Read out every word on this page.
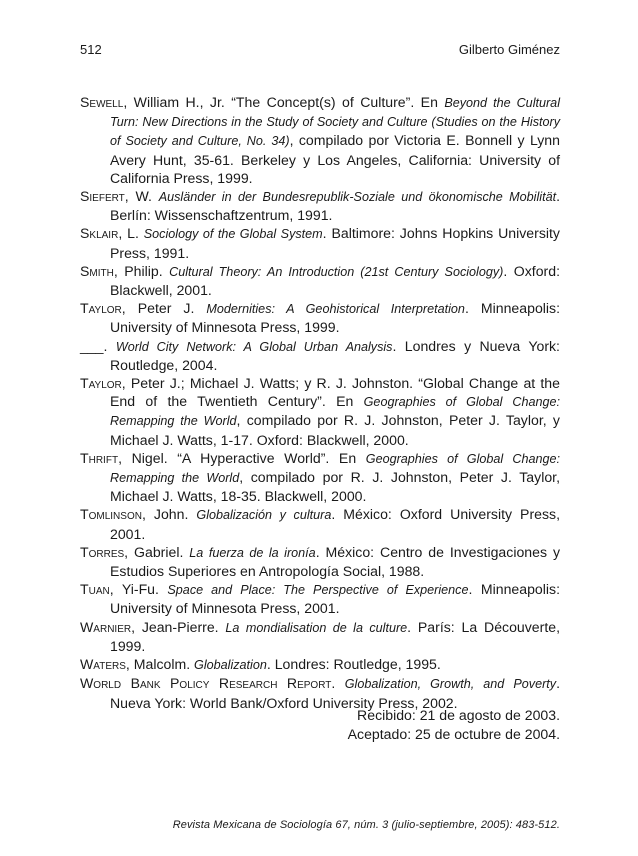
512	Gilberto Giménez

Sewell, William H., Jr. “The Concept(s) of Culture”. En Beyond the Cultural Turn: New Directions in the Study of Society and Culture (Studies on the History of Society and Culture, No. 34), compilado por Victoria E. Bonnell y Lynn Avery Hunt, 35-61. Berkeley y Los Angeles, California: University of California Press, 1999.

Siefert, W. Ausländer in der Bundesrepublik-Soziale und ökonomische Mobilität. Berlín: Wissenschaftzentrum, 1991.

Sklair, L. Sociology of the Global System. Baltimore: Johns Hopkins University Press, 1991.

Smith, Philip. Cultural Theory: An Introduction (21st Century Sociology). Oxford: Blackwell, 2001.

Taylor, Peter J. Modernities: A Geohistorical Interpretation. Minneapolis: University of Minnesota Press, 1999.

___. World City Network: A Global Urban Analysis. Londres y Nueva York: Routledge, 2004.

Taylor, Peter J.; Michael J. Watts; y R. J. Johnston. “Global Change at the End of the Twentieth Century”. En Geographies of Global Change: Remapping the World, compilado por R. J. Johnston, Peter J. Taylor, y Michael J. Watts, 1-17. Oxford: Blackwell, 2000.

Thrift, Nigel. “A Hyperactive World”. En Geographies of Global Change: Remapping the World, compilado por R. J. Johnston, Peter J. Taylor, Michael J. Watts, 18-35. Blackwell, 2000.

Tomlinson, John. Globalización y cultura. México: Oxford University Press, 2001.

Torres, Gabriel. La fuerza de la ironía. México: Centro de Investigaciones y Estudios Superiores en Antropología Social, 1988.

Tuan, Yi-Fu. Space and Place: The Perspective of Experience. Minneapolis: University of Minnesota Press, 2001.

Warnier, Jean-Pierre. La mondialisation de la culture. París: La Découverte, 1999.

Waters, Malcolm. Globalization. Londres: Routledge, 1995.

World Bank Policy Research Report. Globalization, Growth, and Poverty. Nueva York: World Bank/Oxford University Press, 2002.

Recibido: 21 de agosto de 2003.
Aceptado: 25 de octubre de 2004.
Revista Mexicana de Sociología 67, núm. 3 (julio-septiembre, 2005): 483-512.
